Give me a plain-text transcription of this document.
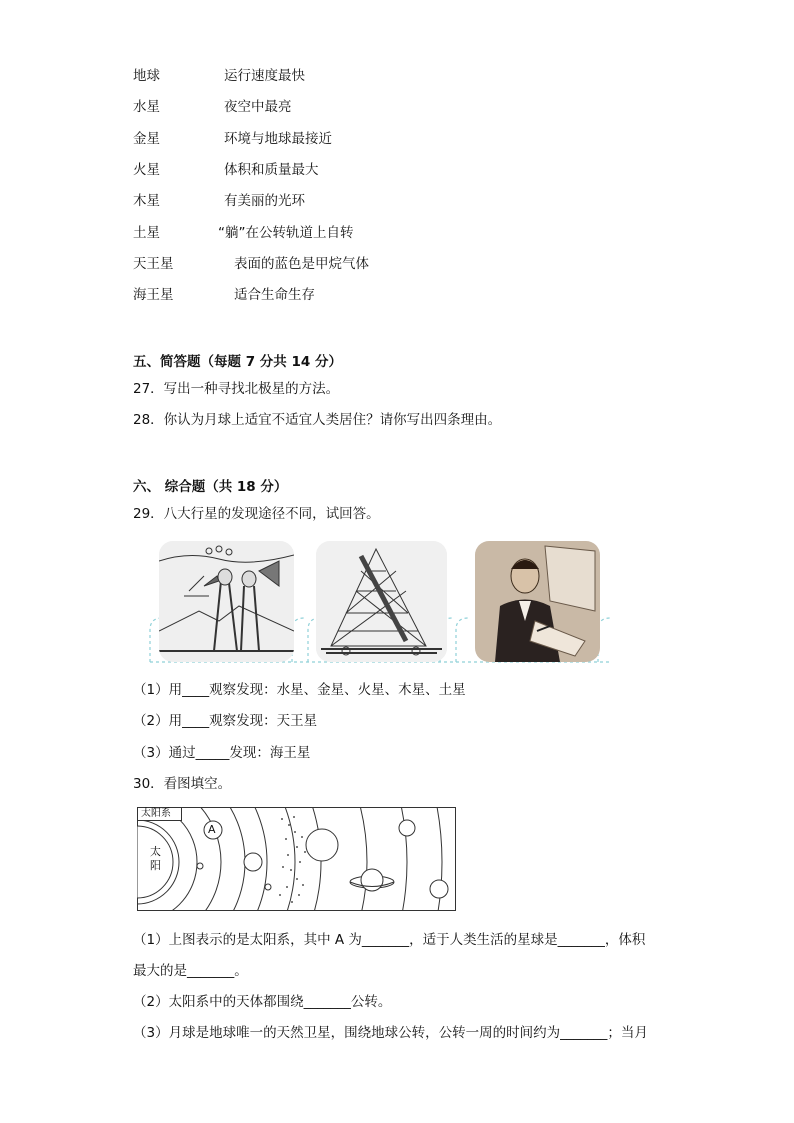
地球	运行速度最快
水星	夜空中最亮
金星	环境与地球最接近
火星	体积和质量最大
木星	有美丽的光环
土星	“躺”在公转轨道上自转
天王星	表面的蓝色是甲烷气体
海王星	适合生命生存
五、简答题（每题 7 分共 14 分）
27．写出一种寻找北极星的方法。
28．你认为月球上适宜不适宜人类居住？请你写出四条理由。
六、 综合题（共 18 分）
29．八大行星的发现途径不同，试回答。
（1）用____观察发现：水星、金星、火星、木星、土星
（2）用____观察发现：天王星
（3）通过_____发现：海王星
30．看图填空。
太阳系
太
阳
A
（1）上图表示的是太阳系，其中 A 为_______，适于人类生活的星球是_______，体积
最大的是_______。
（2）太阳系中的天体都围绕_______公转。
（3）月球是地球唯一的天然卫星，围绕地球公转，公转一周的时间约为_______；当月
